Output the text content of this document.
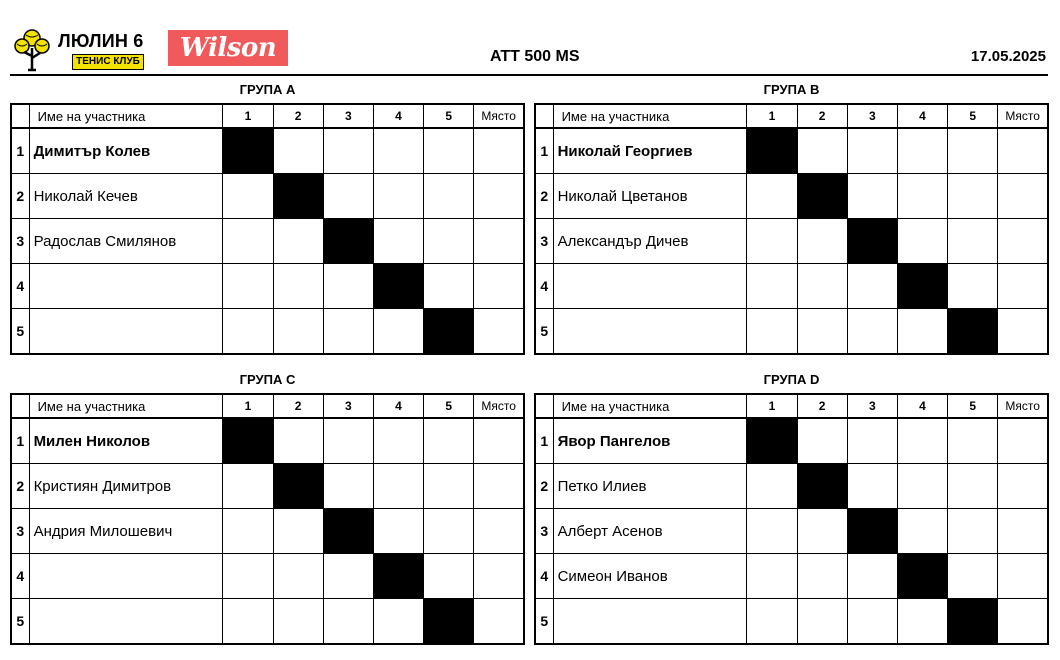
ЛЮЛИН 6
ТЕНИС КЛУБ	Wilson	ATT 500 MS	17.05.2025
ГРУПА А
	Име на участника	1	2	3	4	5	Място
1	Димитър Колев						
2	Николай Кечев						
3	Радослав Смилянов						
4							
5							
ГРУПА B
	Име на участника	1	2	3	4	5	Място
1	Николай Георгиев						
2	Николай Цветанов						
3	Александър Дичев						
4							
5							
ГРУПА C
	Име на участника	1	2	3	4	5	Място
1	Милен Николов						
2	Кристиян Димитров						
3	Андрия Милошевич						
4							
5							
ГРУПА D
	Име на участника	1	2	3	4	5	Място
1	Явор Пангелов						
2	Петко Илиев						
3	Алберт Асенов						
4	Симеон Иванов						
5							
